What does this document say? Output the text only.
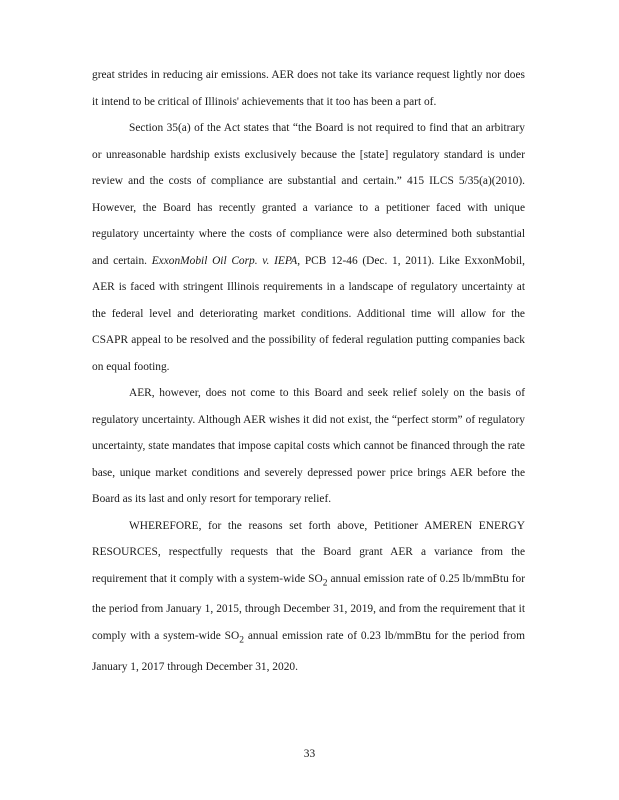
great strides in reducing air emissions. AER does not take its variance request lightly nor does it intend to be critical of Illinois' achievements that it too has been a part of.

Section 35(a) of the Act states that “the Board is not required to find that an arbitrary or unreasonable hardship exists exclusively because the [state] regulatory standard is under review and the costs of compliance are substantial and certain.” 415 ILCS 5/35(a)(2010). However, the Board has recently granted a variance to a petitioner faced with unique regulatory uncertainty where the costs of compliance were also determined both substantial and certain. ExxonMobil Oil Corp. v. IEPA, PCB 12-46 (Dec. 1, 2011). Like ExxonMobil, AER is faced with stringent Illinois requirements in a landscape of regulatory uncertainty at the federal level and deteriorating market conditions. Additional time will allow for the CSAPR appeal to be resolved and the possibility of federal regulation putting companies back on equal footing.

AER, however, does not come to this Board and seek relief solely on the basis of regulatory uncertainty. Although AER wishes it did not exist, the “perfect storm” of regulatory uncertainty, state mandates that impose capital costs which cannot be financed through the rate base, unique market conditions and severely depressed power price brings AER before the Board as its last and only resort for temporary relief.

WHEREFORE, for the reasons set forth above, Petitioner AMEREN ENERGY RESOURCES, respectfully requests that the Board grant AER a variance from the requirement that it comply with a system-wide $SO_2$ annual emission rate of 0.25 lb/mmBtu for the period from January 1, 2015, through December 31, 2019, and from the requirement that it comply with a system-wide $SO_2$ annual emission rate of 0.23 lb/mmBtu for the period from January 1, 2017 through December 31, 2020.

33
